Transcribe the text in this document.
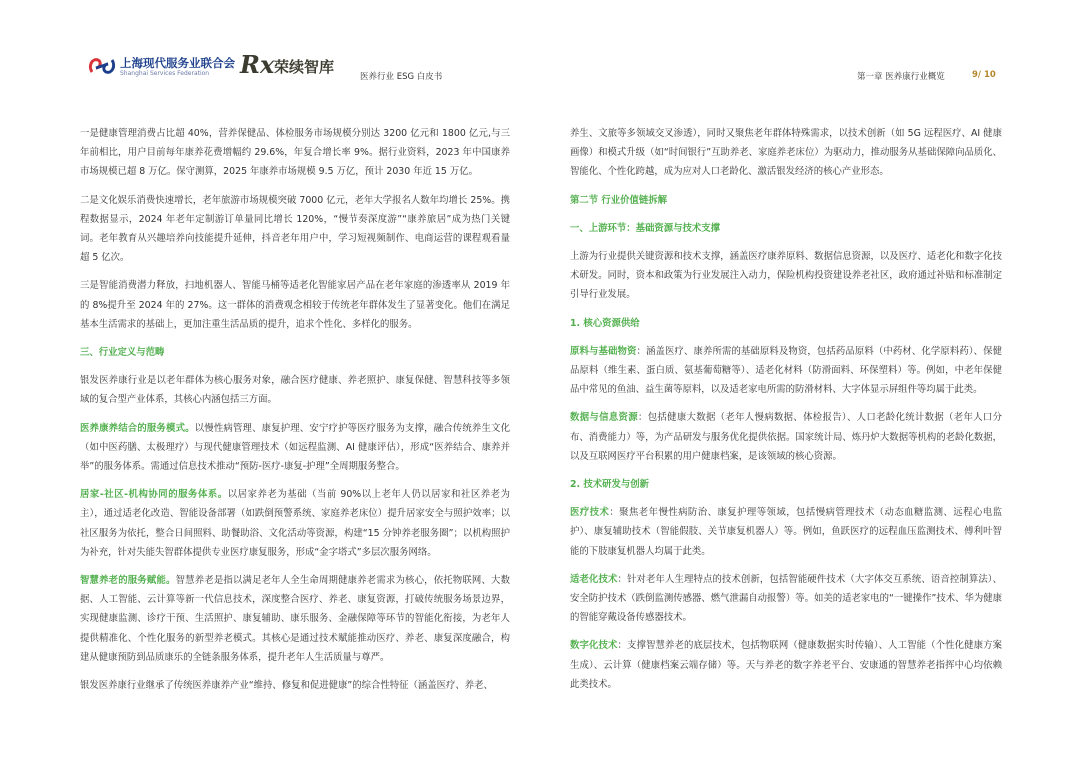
上海现代服务业联合会
Shanghai Services Federation Rx 荣续智库
医养行业 ESG 白皮书	第一章 医养康行业概览	9/ 10

一是健康管理消费占比超 40%，营养保健品、体检服务市场规模分别达 3200 亿元和 1800 亿元,与三年前相比，用户目前每年康养花费增幅约 29.6%，年复合增长率 9%。据行业资料，2023 年中国康养市场规模已超 8 万亿。保守测算，2025 年康养市场规模 9.5 万亿，预计 2030 年近 15 万亿。

二是文化娱乐消费快速增长，老年旅游市场规模突破 7000 亿元，老年大学报名人数年均增长 25%。携程数据显示，2024 年老年定制游订单量同比增长 120%，“慢节奏深度游”“康养旅居”成为热门关键词。老年教育从兴趣培养向技能提升延伸，抖音老年用户中，学习短视频制作、电商运营的课程观看量超 5 亿次。

三是智能消费潜力释放，扫地机器人、智能马桶等适老化智能家居产品在老年家庭的渗透率从 2019 年的 8%提升至 2024 年的 27%。这一群体的消费观念相较于传统老年群体发生了显著变化。他们在满足基本生活需求的基础上，更加注重生活品质的提升，追求个性化、多样化的服务。

三、行业定义与范畴

银发医养康行业是以老年群体为核心服务对象，融合医疗健康、养老照护、康复保健、智慧科技等多领域的复合型产业体系，其核心内涵包括三方面。

医养康养结合的服务模式。以慢性病管理、康复护理、安宁疗护等医疗服务为支撑，融合传统养生文化（如中医药膳、太极理疗）与现代健康管理技术（如远程监测、AI 健康评估），形成“医养结合、康养并举”的服务体系。需通过信息技术推动“预防-医疗-康复-护理”全周期服务整合。

居家-社区-机构协同的服务体系。以居家养老为基础（当前 90%以上老年人仍以居家和社区养老为主），通过适老化改造、智能设备部署（如跌倒预警系统、家庭养老床位）提升居家安全与照护效率；以社区服务为依托，整合日间照料、助餐助浴、文化活动等资源，构建“15 分钟养老服务圈”；以机构照护为补充，针对失能失智群体提供专业医疗康复服务，形成“金字塔式”多层次服务网络。

智慧养老的服务赋能。智慧养老是指以满足老年人全生命周期健康养老需求为核心，依托物联网、大数据、人工智能、云计算等新一代信息技术，深度整合医疗、养老、康复资源，打破传统服务场景边界，实现健康监测、诊疗干预、生活照护、康复辅助、康乐服务、金融保障等环节的智能化衔接，为老年人提供精准化、个性化服务的新型养老模式。其核心是通过技术赋能推动医疗、养老、康复深度融合，构建从健康预防到品质康乐的全链条服务体系，提升老年人生活质量与尊严。

银发医养康行业继承了传统医养康养产业“维持、修复和促进健康”的综合性特征（涵盖医疗、养老、

养生、文旅等多领域交叉渗透），同时又聚焦老年群体特殊需求，以技术创新（如 5G 远程医疗、AI 健康画像）和模式升级（如“时间银行”互助养老、家庭养老床位）为驱动力，推动服务从基础保障向品质化、智能化、个性化跨越，成为应对人口老龄化、激活银发经济的核心产业形态。

第二节 行业价值链拆解
一、上游环节：基础资源与技术支撑

上游为行业提供关键资源和技术支撑，涵盖医疗康养原料、数据信息资源，以及医疗、适老化和数字化技术研发。同时，资本和政策为行业发展注入动力，保险机构投资建设养老社区，政府通过补贴和标准制定引导行业发展。

1. 核心资源供给

原料与基础物资：涵盖医疗、康养所需的基础原料及物资，包括药品原料（中药材、化学原料药）、保健品原料（维生素、蛋白质、氨基葡萄糖等）、适老化材料（防滑面料、环保塑料）等。例如，中老年保健品中常见的鱼油、益生菌等原料，以及适老家电所需的防滑材料、大字体显示屏组件等均属于此类。

数据与信息资源：包括健康大数据（老年人慢病数据、体检报告）、人口老龄化统计数据（老年人口分布、消费能力）等，为产品研发与服务优化提供依据。国家统计局、炼丹炉大数据等机构的老龄化数据，以及互联网医疗平台积累的用户健康档案，是该领域的核心资源。

2. 技术研发与创新

医疗技术：聚焦老年慢性病防治、康复护理等领域，包括慢病管理技术（动态血糖监测、远程心电监护）、康复辅助技术（智能假肢、关节康复机器人）等。例如，鱼跃医疗的远程血压监测技术、傅利叶智能的下肢康复机器人均属于此类。

适老化技术：针对老年人生理特点的技术创新，包括智能硬件技术（大字体交互系统、语音控制算法）、安全防护技术（跌倒监测传感器、燃气泄漏自动报警）等。如美的适老家电的“一键操作”技术、华为健康的智能穿戴设备传感器技术。

数字化技术：支撑智慧养老的底层技术，包括物联网（健康数据实时传输）、人工智能（个性化健康方案生成）、云计算（健康档案云端存储）等。天与养老的数字养老平台、安康通的智慧养老指挥中心均依赖此类技术。
